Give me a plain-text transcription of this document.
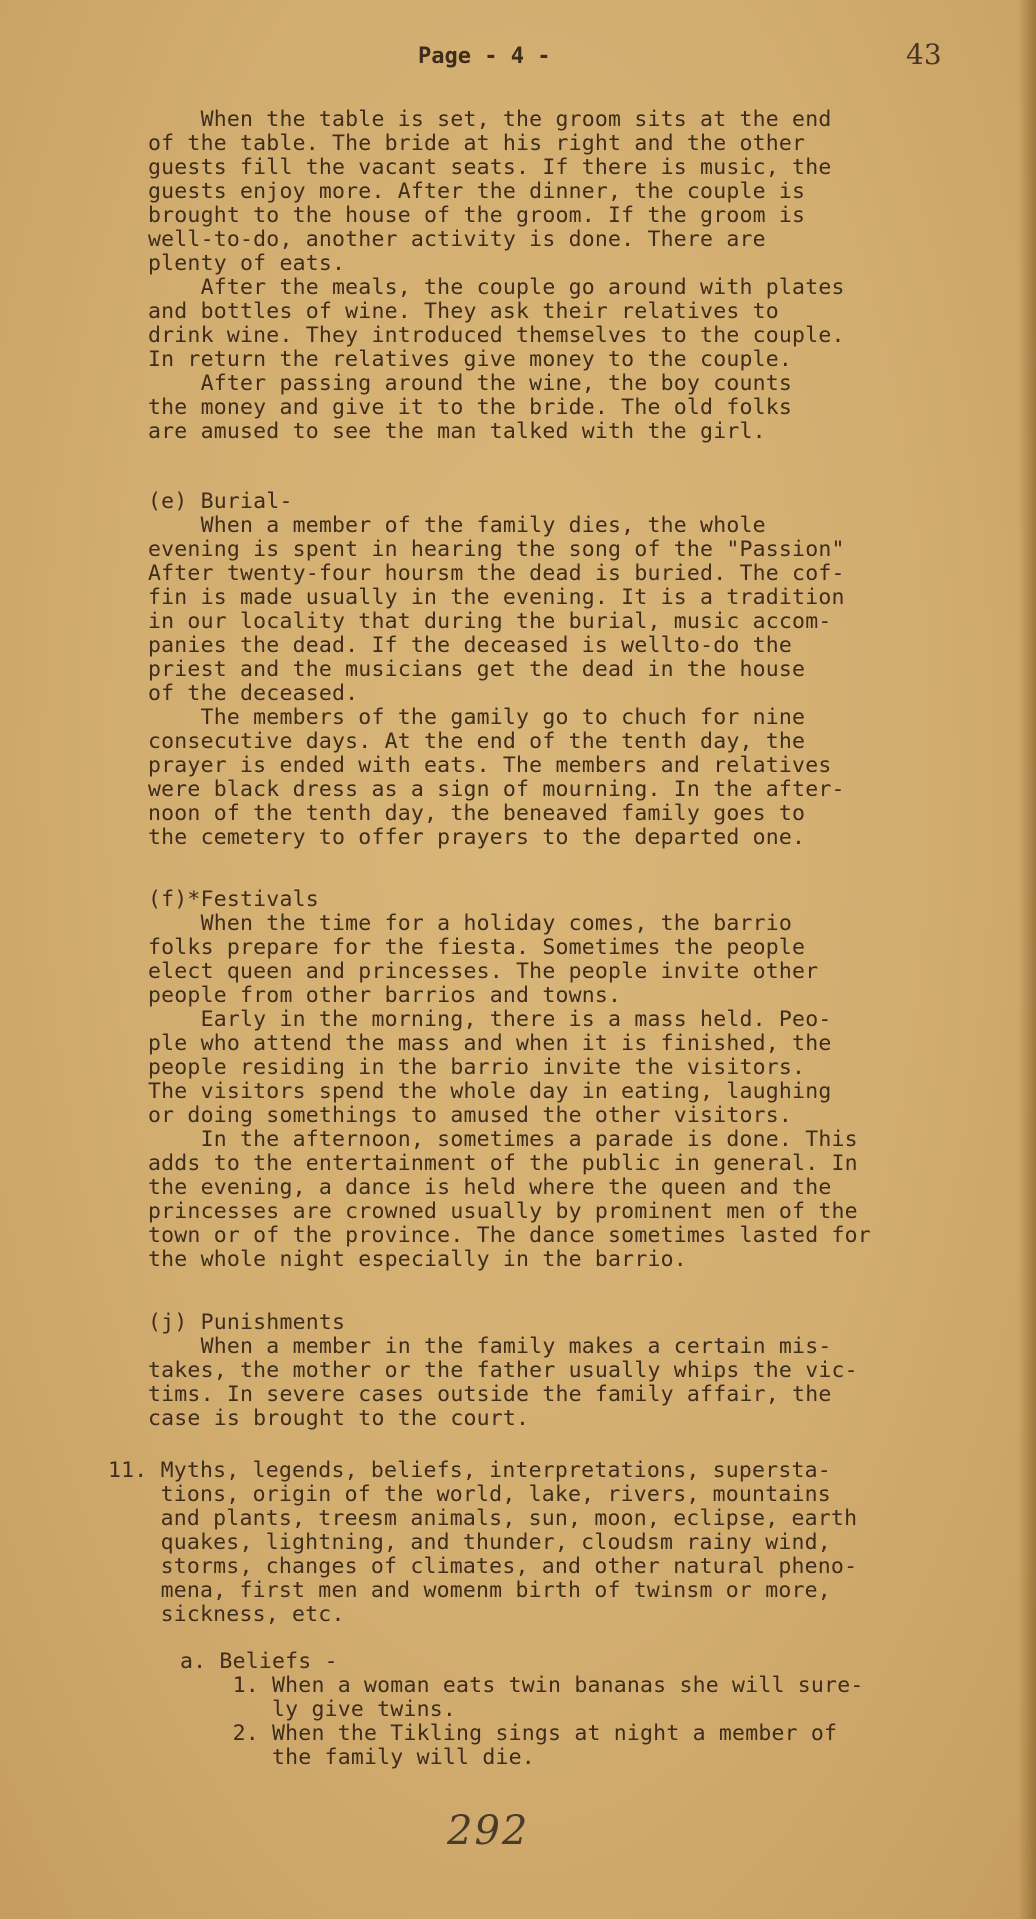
Page - 4 -	43
When the table is set, the groom sits at the end
of the table. The bride at his right and the other
guests fill the vacant seats. If there is music, the
guests enjoy more. After the dinner, the couple is
brought to the house of the groom. If the groom is
well-to-do, another activity is done. There are
plenty of eats.
After the meals, the couple go around with plates
and bottles of wine. They ask their relatives to
drink wine. They introduced themselves to the couple.
In return the relatives give money to the couple.
After passing around the wine, the boy counts
the money and give it to the bride. The old folks
are amused to see the man talked with the girl.
(e) Burial-
When a member of the family dies, the whole
evening is spent in hearing the song of the "Passion"
After twenty-four hoursm the dead is buried. The cof-
fin is made usually in the evening. It is a tradition
in our locality that during the burial, music accom-
panies the dead. If the deceased is wellto-do the
priest and the musicians get the dead in the house
of the deceased.
The members of the gamily go to chuch for nine
consecutive days. At the end of the tenth day, the
prayer is ended with eats. The members and relatives
were black dress as a sign of mourning. In the after-
noon of the tenth day, the beneaved family goes to
the cemetery to offer prayers to the departed one.
(f)*Festivals
When the time for a holiday comes, the barrio
folks prepare for the fiesta. Sometimes the people
elect queen and princesses. The people invite other
people from other barrios and towns.
Early in the morning, there is a mass held. Peo-
ple who attend the mass and when it is finished, the
people residing in the barrio invite the visitors.
The visitors spend the whole day in eating, laughing
or doing somethings to amused the other visitors.
In the afternoon, sometimes a parade is done. This
adds to the entertainment of the public in general. In
the evening, a dance is held where the queen and the
princesses are crowned usually by prominent men of the
town or of the province. The dance sometimes lasted for
the whole night especially in the barrio.
(j) Punishments
When a member in the family makes a certain mis-
takes, the mother or the father usually whips the vic-
tims. In severe cases outside the family affair, the
case is brought to the court.
11. Myths, legends, beliefs, interpretations, supersta-
tions, origin of the world, lake, rivers, mountains
and plants, treesm animals, sun, moon, eclipse, earth
quakes, lightning, and thunder, cloudsm rainy wind,
storms, changes of climates, and other natural pheno-
mena, first men and womenm birth of twinsm or more,
sickness, etc.
a. Beliefs -
1. When a woman eats twin bananas she will sure-
ly give twins.
2. When the Tikling sings at night a member of
the family will die.
292
